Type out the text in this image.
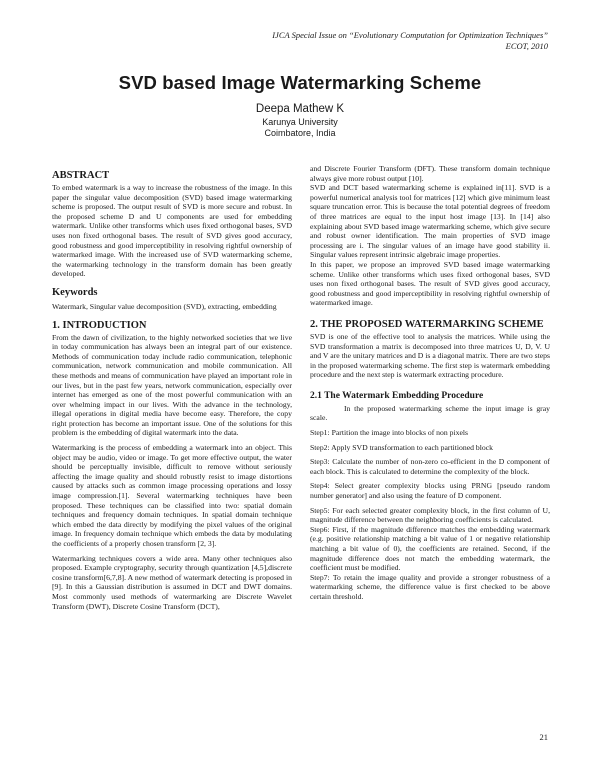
IJCA Special Issue on “Evolutionary Computation for Optimization Techniques”
ECOT, 2010
SVD based Image Watermarking Scheme
Deepa Mathew K
Karunya University
Coimbatore, India
ABSTRACT

To embed watermark is a way to increase the robustness of the image. In this paper the singular value decomposition (SVD) based image watermarking scheme is proposed. The output result of SVD is more secure and robust. In the proposed scheme D and U components are used for embedding watermark. Unlike other transforms which uses fixed orthogonal bases, SVD uses non fixed orthogonal bases. The result of SVD gives good accuracy, good robustness and good imperceptibility in resolving rightful ownership of watermarked image. With the increased use of SVD watermarking scheme, the watermarking technology in the transform domain has been greatly developed.

Keywords

Watermark, Singular value decomposition (SVD), extracting, embedding

1. INTRODUCTION

From the dawn of civilization, to the highly networked societies that we live in today communication has always been an integral part of our existence. Methods of communication today include radio communication, telephonic communication, network communication and mobile communication. All these methods and means of communication have played an important role in our lives, but in the past few years, network communication, especially over internet has emerged as one of the most powerful communication with an over whelming impact in our lives. With the advance in the technology, illegal operations in digital media have become easy. Therefore, the copy right protection has become an important issue. One of the solutions for this problem is the embedding of digital watermark into the data.

Watermarking is the process of embedding a watermark into an object. This object may be audio, video or image. To get more effective output, the water should be perceptually invisible, difficult to remove without seriously affecting the image quality and should robustly resist to image distortions caused by attacks such as common image processing operations and lossy image compression.[1]. Several watermarking techniques have been proposed. These techniques can be classified into two: spatial domain techniques and frequency domain techniques. In spatial domain technique which embed the data directly by modifying the pixel values of the original image. In frequency domain technique which embeds the data by modulating the coefficients of a properly chosen transform [2, 3].

Watermarking techniques covers a wide area. Many other techniques also proposed. Example cryptography, security through quantization [4,5],discrete cosine transform[6,7,8]. A new method of watermark detecting is proposed in [9]. In this a Gaussian distribution is assumed in DCT and DWT domains. Most commonly used methods of watermarking are Discrete Wavelet Transform (DWT), Discrete Cosine Transform (DCT),

and Discrete Fourier Transform (DFT). These transform domain technique always give more robust output [10].

SVD and DCT based watermarking scheme is explained in[11]. SVD is a powerful numerical analysis tool for matrices [12] which give minimum least square truncation error. This is because the total potential degrees of freedom of three matrices are equal to the input host image [13]. In [14] also explaining about SVD based image watermarking scheme, which give secure and robust owner identification. The main properties of SVD image processing are i. The singular values of an image have good stability ii. Singular values represent intrinsic algebraic image properties.

In this paper, we propose an improved SVD based image watermarking scheme. Unlike other transforms which uses fixed orthogonal bases, SVD uses non fixed orthogonal bases. The result of SVD gives good accuracy, good robustness and good imperceptibility in resolving rightful ownership of watermarked image.

2. THE PROPOSED WATERMARKING SCHEME

SVD is one of the effective tool to analysis the matrices. While using the SVD transformation a matrix is decomposed into three matrices U, D, V. U and V are the unitary matrices and D is a diagonal matrix. There are two steps in the proposed watermarking scheme. The first step is watermark embedding procedure and the next step is watermark extracting procedure.

2.1 The Watermark Embedding Procedure

In the proposed watermarking scheme the input image is gray scale.

Step1: Partition the image into blocks of non pixels

Step2: Apply SVD transformation to each partitioned block

Step3: Calculate the number of non-zero co-efficient in the D component of each block. This is calculated to determine the complexity of the block.

Step4: Select greater complexity blocks using PRNG [pseudo random number generator] and also using the feature of D component.

Step5: For each selected greater complexity block, in the first column of U, magnitude difference between the neighboring coefficients is calculated.

Step6: First, if the magnitude difference matches the embedding watermark (e.g. positive relationship matching a bit value of 1 or negative relationship matching a bit value of 0), the coefficients are retained. Second, if the magnitude difference does not match the embedding watermark, the coefficient must be modified.

Step7: To retain the image quality and provide a stronger robustness of a watermarking scheme, the difference value is first checked to be above certain threshold.

21
